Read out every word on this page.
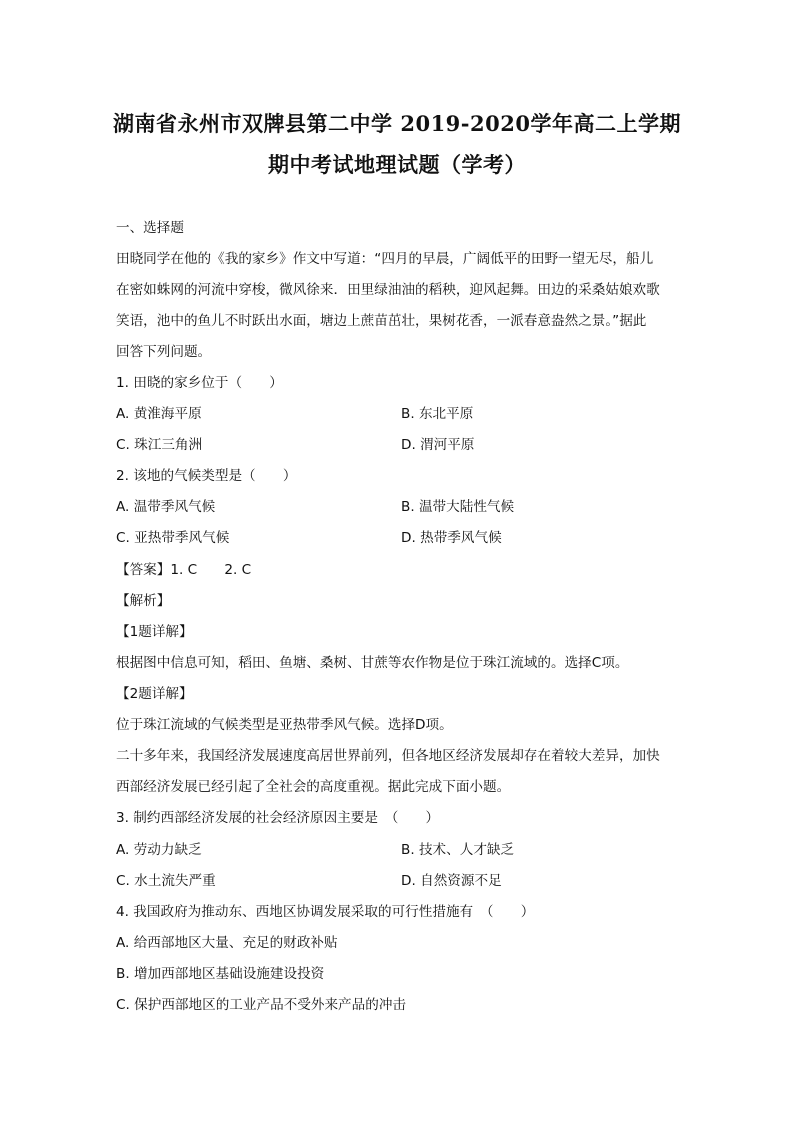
湖南省永州市双牌县第二中学 2019-2020学年高二上学期
期中考试地理试题（学考）
一、选择题
田晓同学在他的《我的家乡》作文中写道：“四月的早晨，广阔低平的田野一望无尽，船儿
在密如蛛网的河流中穿梭，微风徐来．田里绿油油的稻秧，迎风起舞。田边的采桑姑娘欢歌
笑语，池中的鱼儿不时跃出水面，塘边上蔗苗茁壮，果树花香，一派春意盎然之景。”据此
回答下列问题。
1. 田晓的家乡位于（　　）
A. 黄淮海平原	B. 东北平原
C. 珠江三角洲	D. 渭河平原
2. 该地的气候类型是（　　）
A. 温带季风气候	B. 温带大陆性气候
C. 亚热带季风气候	D. 热带季风气候
【答案】1. C　　2. C
【解析】
【1题详解】
根据图中信息可知，稻田、鱼塘、桑树、甘蔗等农作物是位于珠江流域的。选择C项。
【2题详解】
位于珠江流域的气候类型是亚热带季风气候。选择D项。
二十多年来，我国经济发展速度高居世界前列，但各地区经济发展却存在着较大差异，加快
西部经济发展已经引起了全社会的高度重视。据此完成下面小题。
3. 制约西部经济发展的社会经济原因主要是　（　　）
A. 劳动力缺乏	B. 技术、人才缺乏
C. 水土流失严重	D. 自然资源不足
4. 我国政府为推动东、西地区协调发展采取的可行性措施有　（　　）
A. 给西部地区大量、充足的财政补贴
B. 增加西部地区基础设施建设投资
C. 保护西部地区的工业产品不受外来产品的冲击
